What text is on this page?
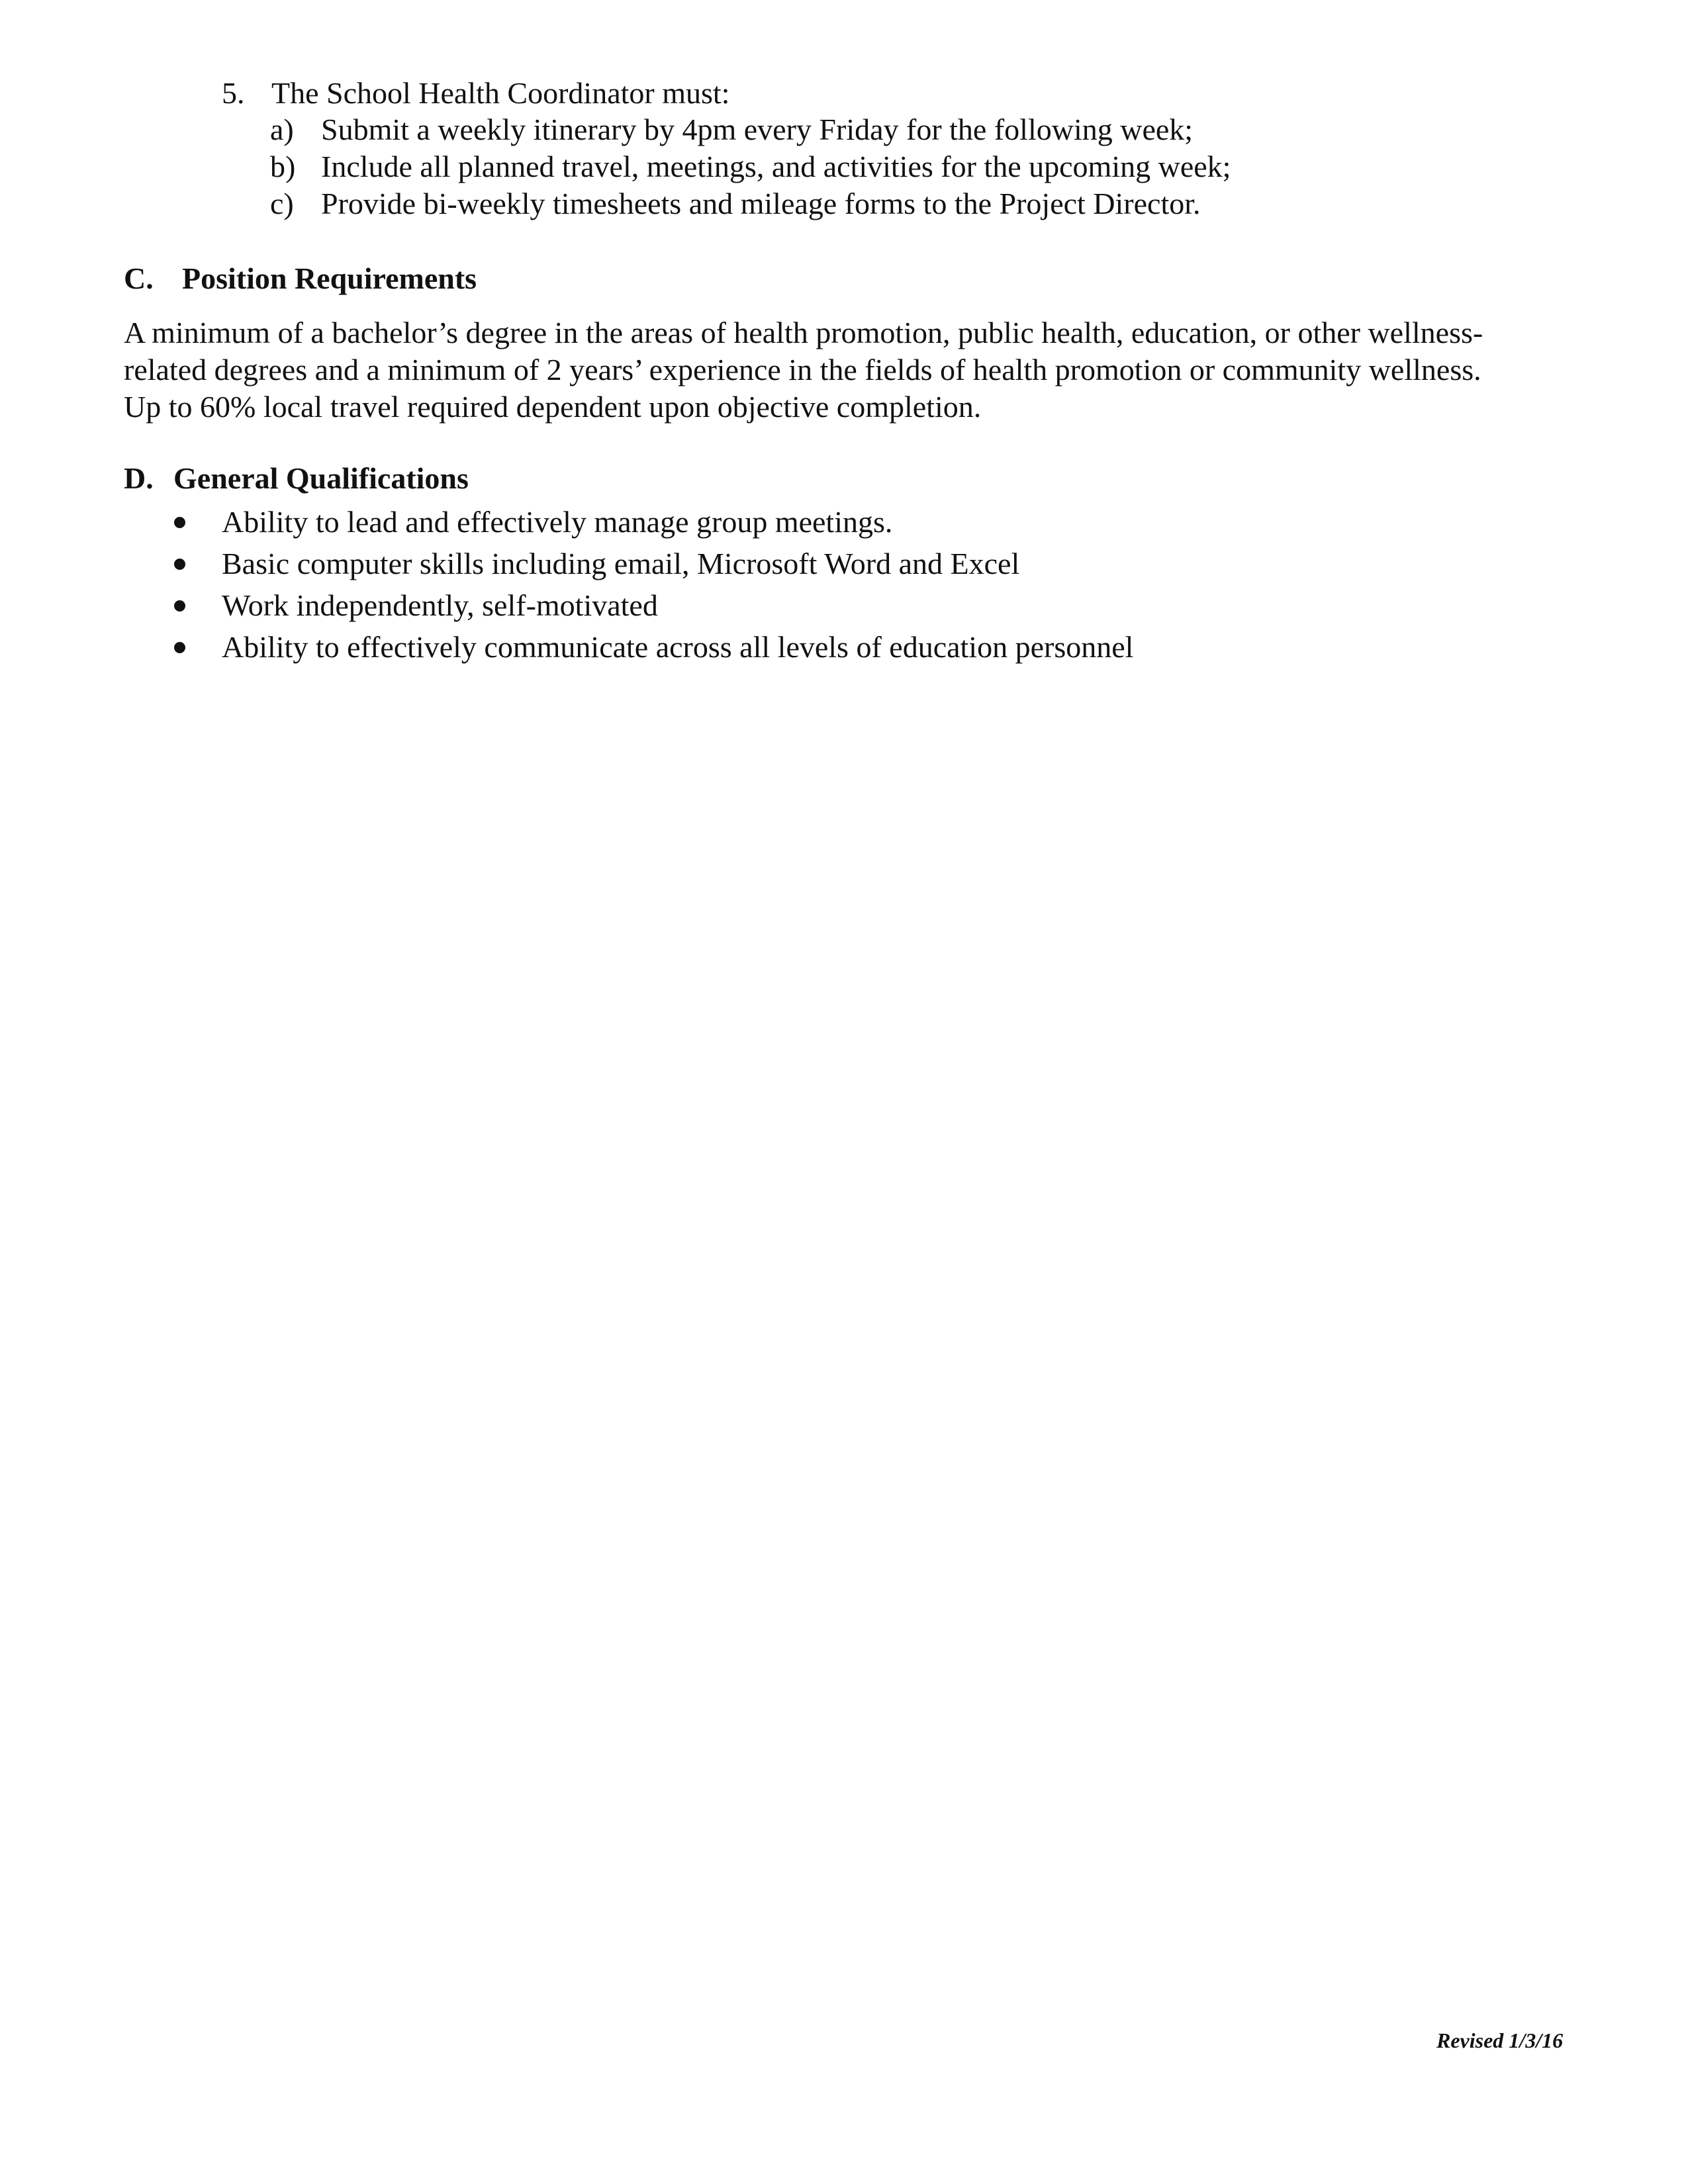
5. The School Health Coordinator must:
a) Submit a weekly itinerary by 4pm every Friday for the following week;
b) Include all planned travel, meetings, and activities for the upcoming week;
c) Provide bi-weekly timesheets and mileage forms to the Project Director.
C. Position Requirements
A minimum of a bachelor’s degree in the areas of health promotion, public health, education, or other wellness-
related degrees and a minimum of 2 years’ experience in the fields of health promotion or community wellness.
Up to 60% local travel required dependent upon objective completion.
D. General Qualifications
Ability to lead and effectively manage group meetings.
Basic computer skills including email, Microsoft Word and Excel
Work independently, self-motivated
Ability to effectively communicate across all levels of education personnel
Revised 1/3/16
